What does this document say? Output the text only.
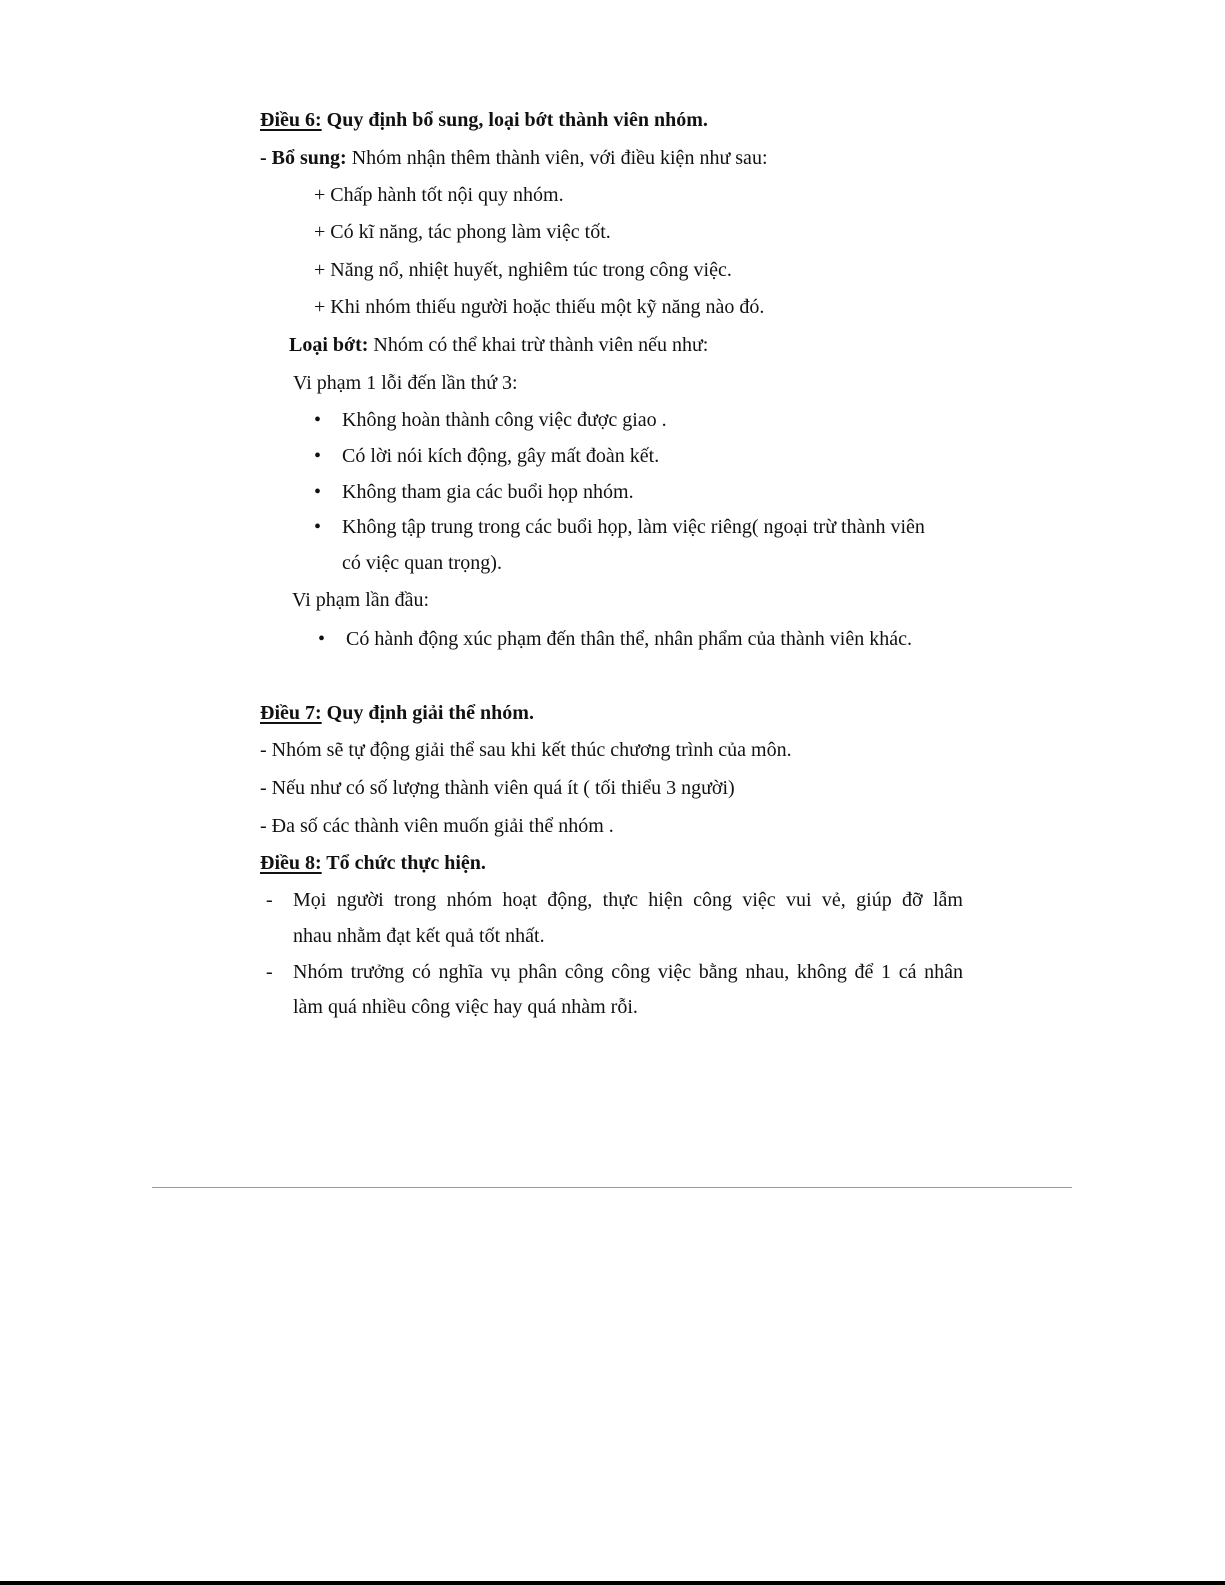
Điều 6: Quy định bổ sung, loại bớt thành viên nhóm.
- Bổ sung: Nhóm nhận thêm thành viên, với điều kiện như sau:
+ Chấp hành tốt nội quy nhóm.
+ Có kĩ năng, tác phong làm việc tốt.
+ Năng nổ, nhiệt huyết, nghiêm túc trong công việc.
+ Khi nhóm thiếu người hoặc thiếu một kỹ năng nào đó.
Loại bớt: Nhóm có thể khai trừ thành viên nếu như:
Vi phạm 1 lỗi đến lần thứ 3:
• Không hoàn thành công việc được giao .
• Có lời nói kích động, gây mất đoàn kết.
• Không tham gia các buổi họp nhóm.
• Không tập trung trong các buổi họp, làm việc riêng( ngoại trừ thành viên
có việc quan trọng).
Vi phạm lần đầu:
• Có hành động xúc phạm đến thân thể, nhân phẩm của thành viên khác.
Điều 7: Quy định giải thể nhóm.
- Nhóm sẽ tự động giải thể sau khi kết thúc chương trình của môn.
- Nếu như có số lượng thành viên quá ít ( tối thiểu 3 người)
- Đa số các thành viên muốn giải thể nhóm .
Điều 8: Tổ chức thực hiện.
- Mọi người trong nhóm hoạt động, thực hiện công việc vui vẻ, giúp đỡ lẫm
nhau nhằm đạt kết quả tốt nhất.
- Nhóm trưởng có nghĩa vụ phân công công việc bằng nhau, không để 1 cá nhân
làm quá nhiều công việc hay quá nhàm rỗi.
